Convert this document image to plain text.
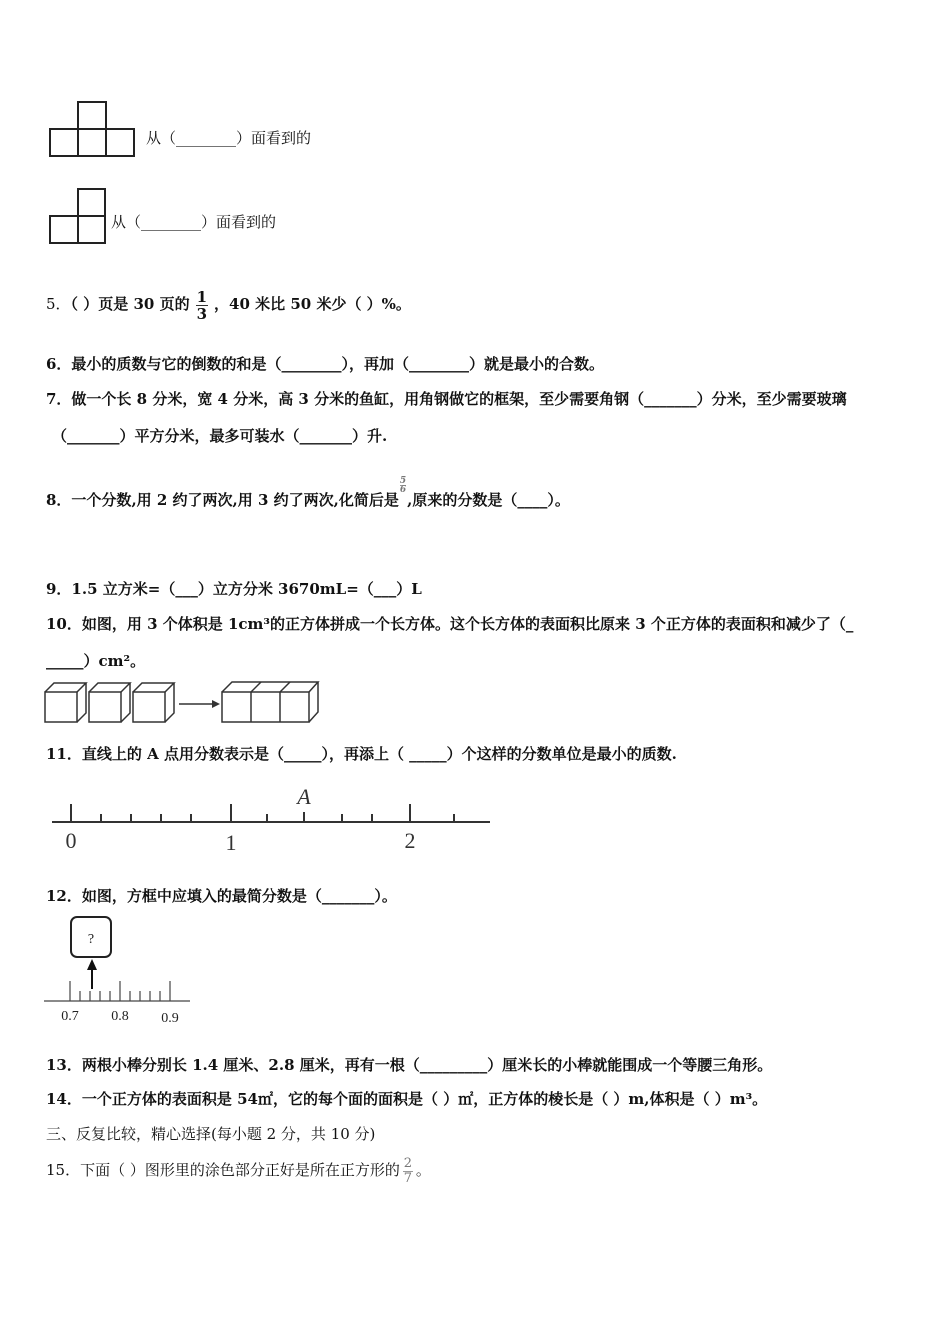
从（________）面看到的
从（________）面看到的
5．（ ）页是 30 页的 $\frac{1}{3}$ ，40 米比 50 米少（ ）%。
6．最小的质数与它的倒数的和是（________），再加（________）就是最小的合数。
7．做一个长 8 分米，宽 4 分米，高 3 分米的鱼缸，用角钢做它的框架，至少需要角钢（_______）分米，至少需要玻璃
（_______）平方分米，最多可装水（_______）升.
8．一个分数,用 2 约了两次,用 3 约了两次,化简后是
$\frac{5}{6}$
,原来的分数是（____）。
9．1.5 立方米=（___）立方分米 3670mL=（___）L
10．如图，用 3 个体积是 1cm³的正方体拼成一个长方体。这个长方体的表面积比原来 3 个正方体的表面积和减少了（_
_____）cm²。
11．直线上的 A 点用分数表示是（_____），再添上（ _____）个这样的分数单位是最小的质数.
A
0	1	2
12．如图，方框中应填入的最简分数是（_______）。
?
0.7 0.8 0.9
13．两根小棒分别长 1.4 厘米、2.8 厘米，再有一根（_________）厘米长的小棒就能围成一个等腰三角形。
14．一个正方体的表面积是 54㎡，它的每个面的面积是（ ）㎡，正方体的棱长是（ ）m,体积是（ ）m³。
三、反复比较，精心选择(每小题 2 分，共 10 分)
15．下面（ ）图形里的涂色部分正好是所在正方形的 $\frac{2}{7}$ 。
